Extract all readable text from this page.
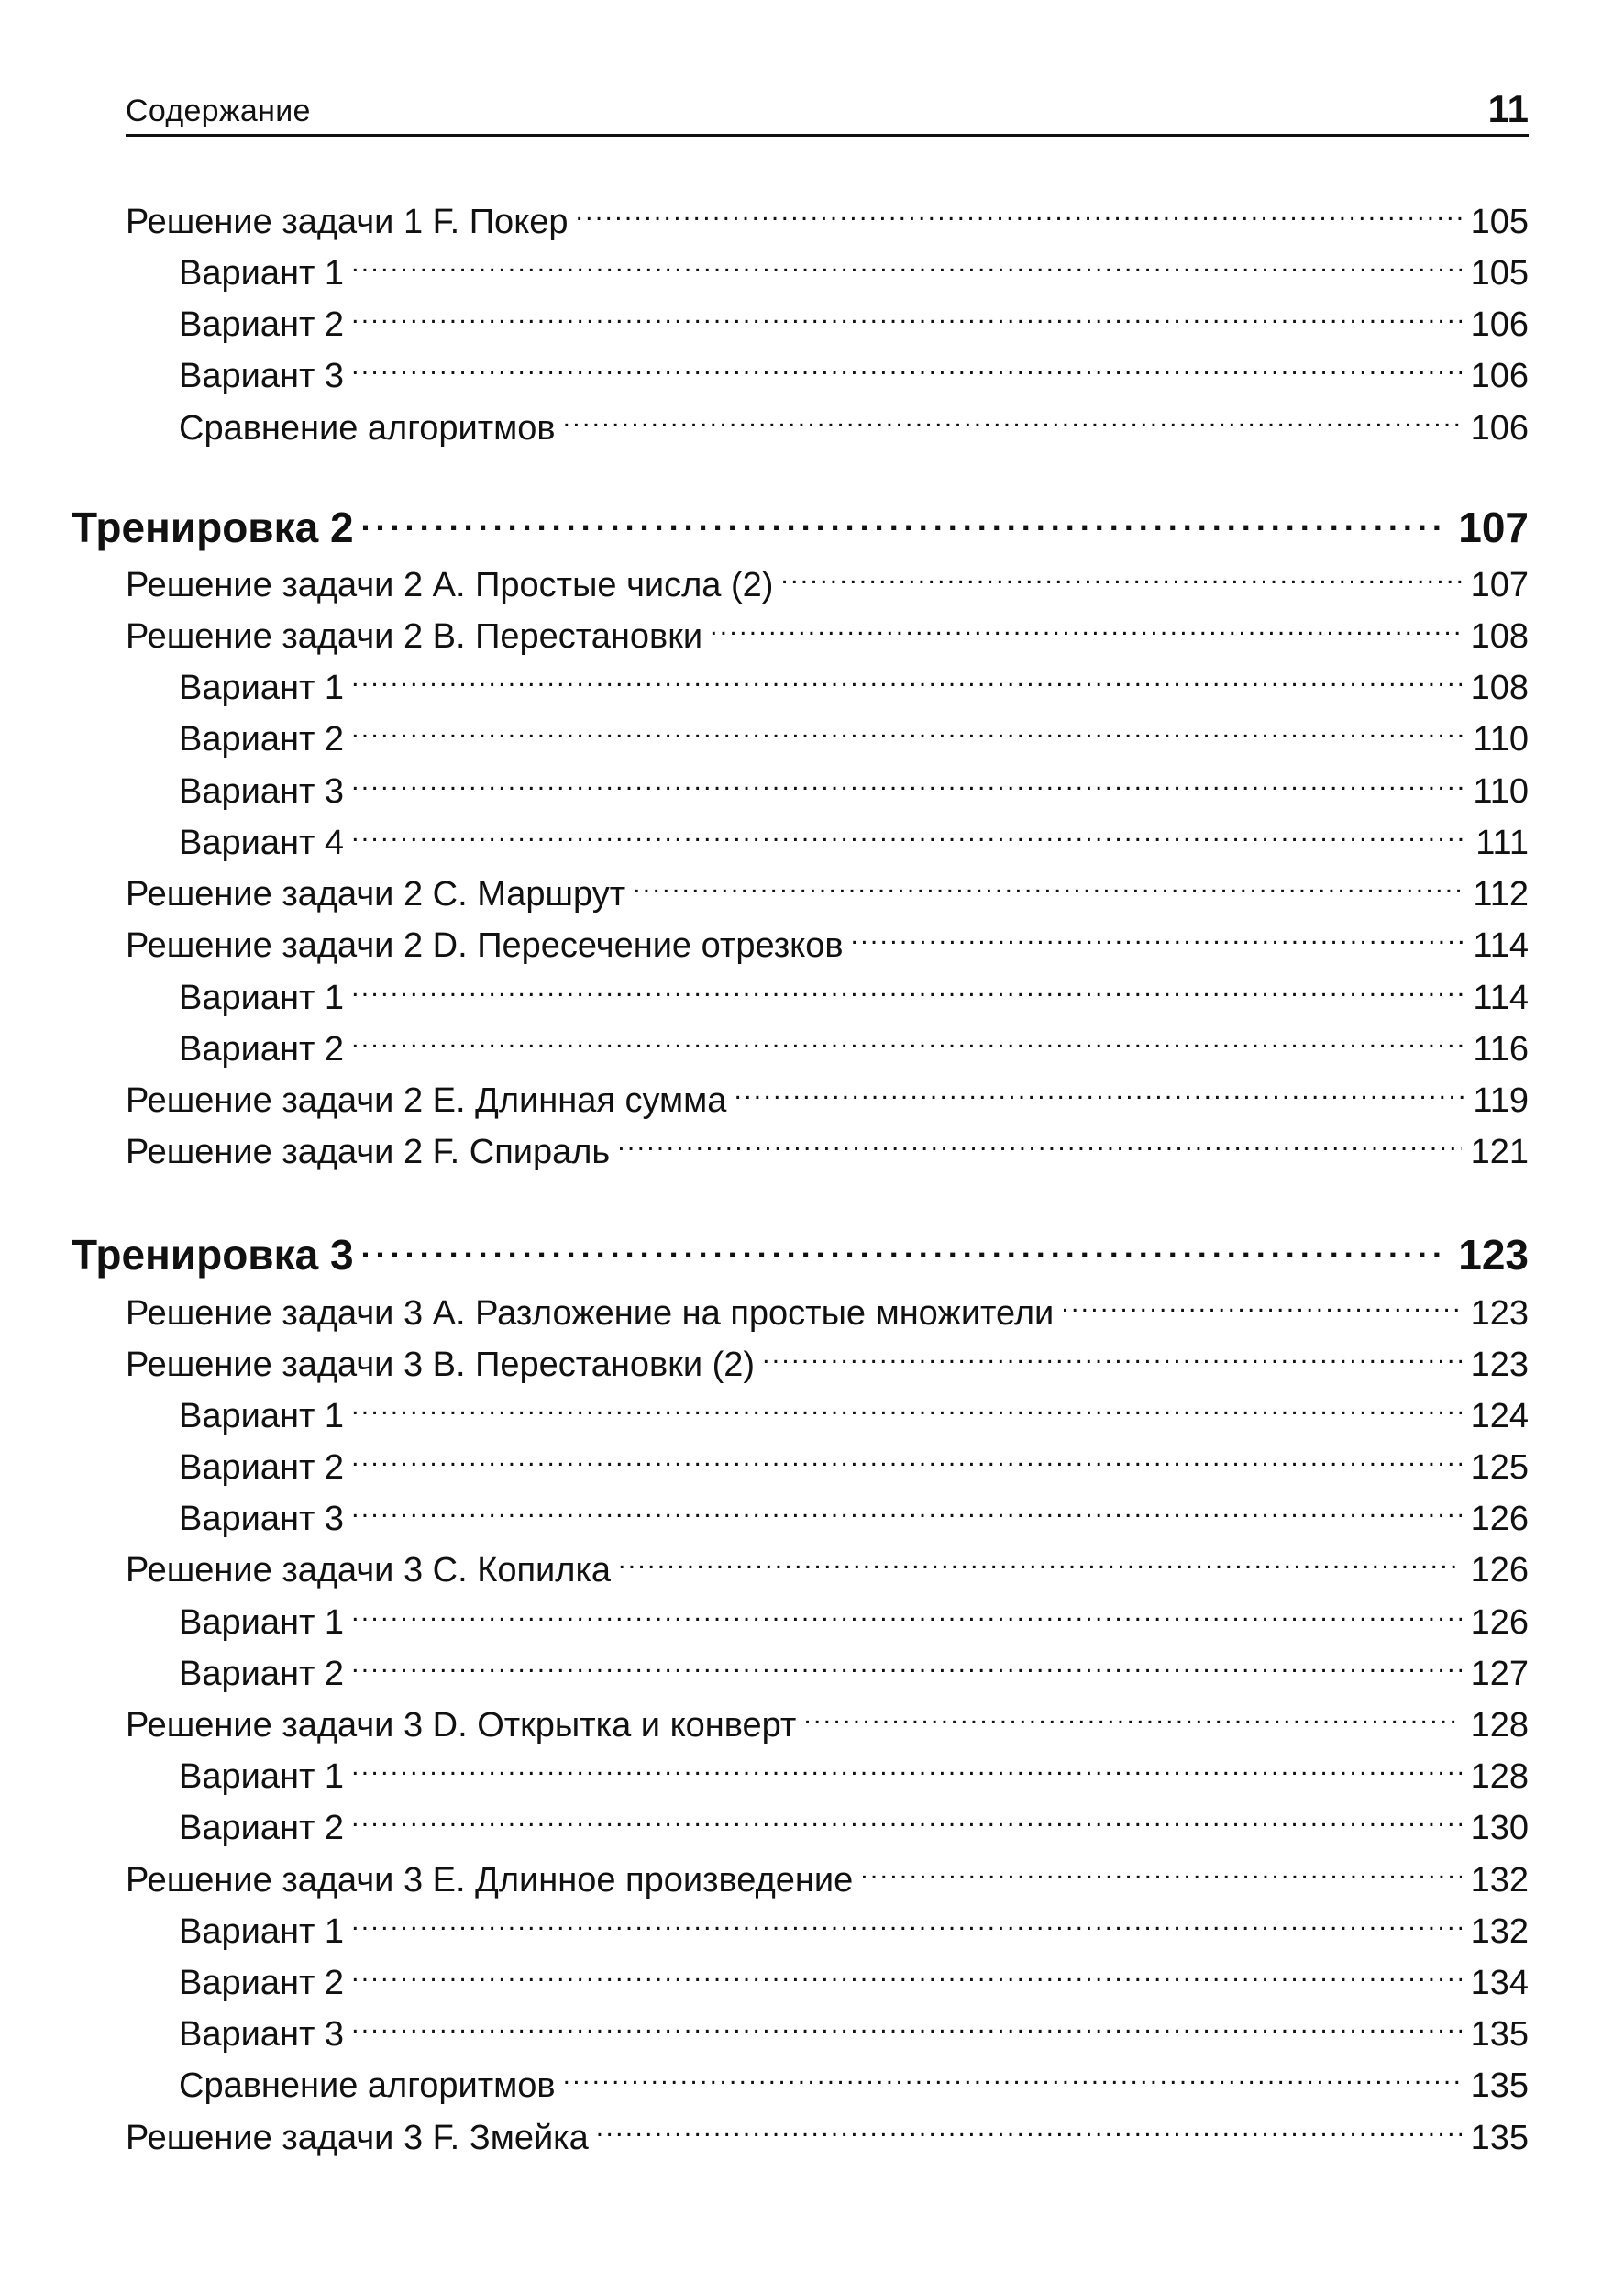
Содержание	11
Решение задачи 1 F. Покер . . .	105
Вариант 1 . . .	105
Вариант 2 . . .	106
Вариант 3 . . .	106
Сравнение алгоритмов . . .	106
Тренировка 2 . . .	107
Решение задачи 2 A. Простые числа (2) . . .	107
Решение задачи 2 B. Перестановки . . .	108
Вариант 1 . . .	108
Вариант 2 . . .	110
Вариант 3 . . .	110
Вариант 4 . . .	111
Решение задачи 2 C. Маршрут . . .	112
Решение задачи 2 D. Пересечение отрезков . . .	114
Вариант 1 . . .	114
Вариант 2 . . .	116
Решение задачи 2 E. Длинная сумма . . .	119
Решение задачи 2 F. Спираль . . .	121
Тренировка 3 . . .	123
Решение задачи 3 A. Разложение на простые множители . . .	123
Решение задачи 3 B. Перестановки (2) . . .	123
Вариант 1 . . .	124
Вариант 2 . . .	125
Вариант 3 . . .	126
Решение задачи 3 C. Копилка . . .	126
Вариант 1 . . .	126
Вариант 2 . . .	127
Решение задачи 3 D. Открытка и конверт . . .	128
Вариант 1 . . .	128
Вариант 2 . . .	130
Решение задачи 3 E. Длинное произведение . . .	132
Вариант 1 . . .	132
Вариант 2 . . .	134
Вариант 3 . . .	135
Сравнение алгоритмов . . .	135
Решение задачи 3 F. Змейка . . .	135
